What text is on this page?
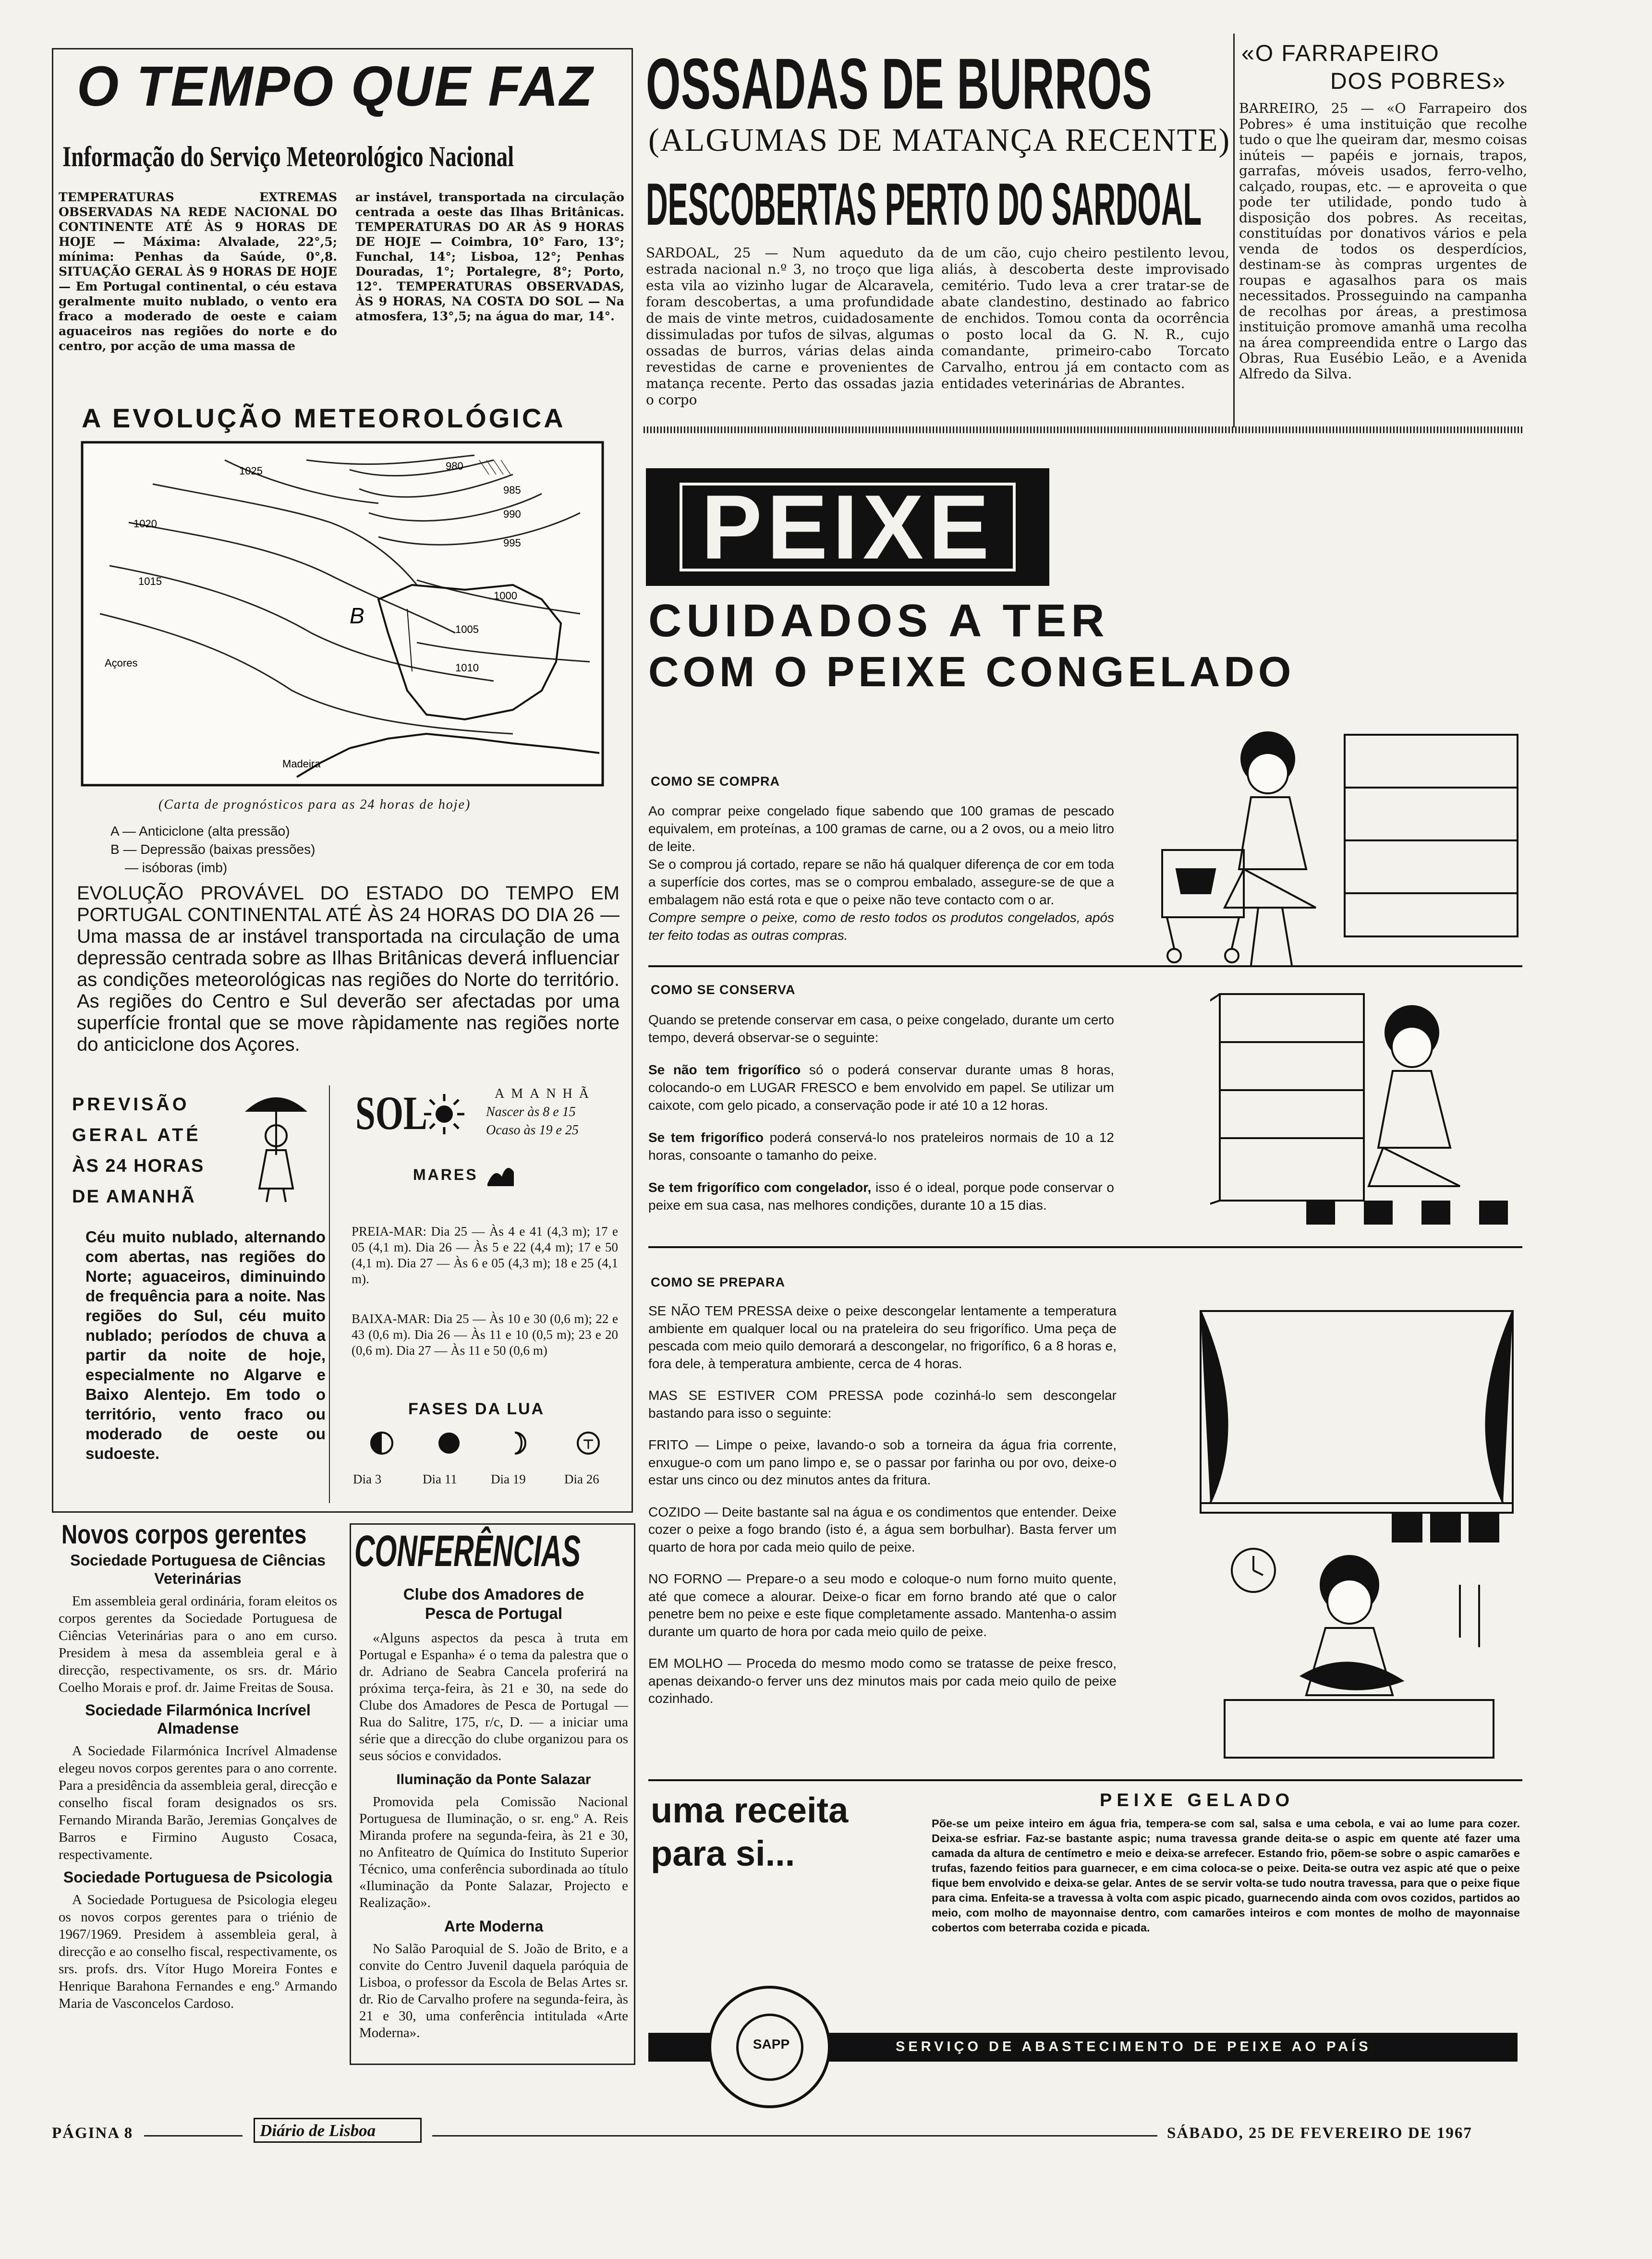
O TEMPO QUE FAZ
Informação do Serviço Meteorológico Nacional
TEMPERATURAS EXTREMAS OBSERVADAS NA REDE NACIONAL DO CONTINENTE ATÉ ÀS 9 HORAS DE HOJE — Máxima: Alvalade, 22°,5; mínima: Penhas da Saúde, 0°,8. SITUAÇÃO GERAL ÀS 9 HORAS DE HOJE — Em Portugal continental, o céu estava geralmente muito nublado, o vento era fraco a moderado de oeste e caiam aguaceiros nas regiões do norte e do centro, por acção de uma massa de
ar instável, transportada na circulação centrada a oeste das Ilhas Britânicas. TEMPERATURAS DO AR ÀS 9 HORAS DE HOJE — Coimbra, 10° Faro, 13°; Funchal, 14°; Lisboa, 12°; Penhas Douradas, 1°; Portalegre, 8°; Porto, 12°. TEMPERATURAS OBSERVADAS, ÀS 9 HORAS, NA COSTA DO SOL — Na atmosfera, 13°,5; na água do mar, 14°.
A EVOLUÇÃO METEOROLÓGICA
B
Açores
Madeira
980
985
990
995
1000
1005
1010
1015
1020
1025
(Carta de prognósticos para as 24 horas de hoje)
A — Anticiclone (alta pressão)
B — Depressão (baixas pressões)
— isóboras (imb)
EVOLUÇÃO PROVÁVEL DO ESTADO DO TEMPO EM PORTUGAL CONTINENTAL ATÉ ÀS 24 HORAS DO DIA 26 — Uma massa de ar instável transportada na circulação de uma depressão centrada sobre as Ilhas Britânicas deverá influenciar as condições meteorológicas nas regiões do Norte do território. As regiões do Centro e Sul deverão ser afectadas por uma superfície frontal que se move ràpidamente nas regiões norte do anticiclone dos Açores.
PREVISÃO
GERAL ATÉ
ÀS 24 HORAS
DE AMANHÃ
Céu muito nublado, alternando com abertas, nas regiões do Norte; aguaceiros, diminuindo de frequência para a noite. Nas regiões do Sul, céu muito nublado; períodos de chuva a partir da noite de hoje, especialmente no Algarve e Baixo Alentejo. Em todo o território, vento fraco ou moderado de oeste ou sudoeste.
SOL	AMANHÃ
Nascer às 8 e 15
Ocaso às 19 e 25
MARES
PREIA-MAR: Dia 25 — Às 4 e 41 (4,3 m); 17 e 05 (4,1 m). Dia 26 — Às 5 e 22 (4,4 m); 17 e 50 (4,1 m). Dia 27 — Às 6 e 05 (4,3 m); 18 e 25 (4,1 m).
BAIXA-MAR: Dia 25 — Às 10 e 30 (0,6 m); 22 e 43 (0,6 m). Dia 26 — Às 11 e 10 (0,5 m); 23 e 20 (0,6 m). Dia 27 — Às 11 e 50 (0,6 m)
FASES DA LUA
Dia 3	Dia 11	Dia 19	Dia 26
OSSADAS DE BURROS
(ALGUMAS DE MATANÇA RECENTE)
DESCOBERTAS PERTO DO SARDOAL
SARDOAL, 25 — Num aqueduto da estrada nacional n.º 3, no troço que liga esta vila ao vizinho lugar de Alcaravela, foram descobertas, a uma profundidade de mais de vinte metros, cuidadosamente dissimuladas por tufos de silvas, algumas ossadas de burros, várias delas ainda revestidas de carne e provenientes de matança recente. Perto das ossadas jazia o corpo
de um cão, cujo cheiro pestilento levou, aliás, à descoberta deste improvisado cemitério. Tudo leva a crer tratar-se de abate clandestino, destinado ao fabrico de enchidos. Tomou conta da ocorrência o posto local da G. N. R., cujo comandante, primeiro-cabo Torcato Carvalho, entrou já em contacto com as entidades veterinárias de Abrantes.
«O FARRAPEIRO
DOS POBRES»
BARREIRO, 25 — «O Farrapeiro dos Pobres» é uma instituição que recolhe tudo o que lhe queiram dar, mesmo coisas inúteis — papéis e jornais, trapos, garrafas, móveis usados, ferro-velho, calçado, roupas, etc. — e aproveita o que pode ter utilidade, pondo tudo à disposição dos pobres. As receitas, constituídas por donativos vários e pela venda de todos os desperdícios, destinam-se às compras urgentes de roupas e agasalhos para os mais necessitados. Prosseguindo na campanha de recolhas por áreas, a prestimosa instituição promove amanhã uma recolha na área compreendida entre o Largo das Obras, Rua Eusébio Leão, e a Avenida Alfredo da Silva.
PEIXE
CUIDADOS A TER
COM O PEIXE CONGELADO
COMO SE COMPRA

Ao comprar peixe congelado fique sabendo que 100 gramas de pescado equivalem, em proteínas, a 100 gramas de carne, ou a 2 ovos, ou a meio litro de leite.

Se o comprou já cortado, repare se não há qualquer diferença de cor em toda a superfície dos cortes, mas se o comprou embalado, assegure-se de que a embalagem não está rota e que o peixe não teve contacto com o ar.

Compre sempre o peixe, como de resto todos os produtos congelados, após ter feito todas as outras compras.

COMO SE CONSERVA

Quando se pretende conservar em casa, o peixe congelado, durante um certo tempo, deverá observar-se o seguinte:

Se não tem frigorífico só o poderá conservar durante umas 8 horas, colocando-o em LUGAR FRESCO e bem envolvido em papel. Se utilizar um caixote, com gelo picado, a conservação pode ir até 10 a 12 horas.

Se tem frigorífico poderá conservá-lo nos prateleiros normais de 10 a 12 horas, consoante o tamanho do peixe.

Se tem frigorífico com congelador, isso é o ideal, porque pode conservar o peixe em sua casa, nas melhores condições, durante 10 a 15 dias.

COMO SE PREPARA

SE NÃO TEM PRESSA deixe o peixe descongelar lentamente a temperatura ambiente em qualquer local ou na prateleira do seu frigorífico. Uma peça de pescada com meio quilo demorará a descongelar, no frigorífico, 6 a 8 horas e, fora dele, à temperatura ambiente, cerca de 4 horas.

MAS SE ESTIVER COM PRESSA pode cozinhá-lo sem descongelar bastando para isso o seguinte:

FRITO — Limpe o peixe, lavando-o sob a torneira da água fria corrente, enxugue-o com um pano limpo e, se o passar por farinha ou por ovo, deixe-o estar uns cinco ou dez minutos antes da fritura.

COZIDO — Deite bastante sal na água e os condimentos que entender. Deixe cozer o peixe a fogo brando (isto é, a água sem borbulhar). Basta ferver um quarto de hora por cada meio quilo de peixe.

NO FORNO — Prepare-o a seu modo e coloque-o num forno muito quente, até que comece a alourar. Deixe-o ficar em forno brando até que o calor penetre bem no peixe e este fique completamente assado. Mantenha-o assim durante um quarto de hora por cada meio quilo de peixe.

EM MOLHO — Proceda do mesmo modo como se tratasse de peixe fresco, apenas deixando-o ferver uns dez minutos mais por cada meio quilo de peixe cozinhado.

uma receita para si...
PEIXE GELADO
Põe-se um peixe inteiro em água fria, tempera-se com sal, salsa e uma cebola, e vai ao lume para cozer. Deixa-se esfriar. Faz-se bastante aspic; numa travessa grande deita-se o aspic em quente até fazer uma camada da altura de centímetro e meio e deixa-se arrefecer. Estando frio, põem-se sobre o aspic camarões e trufas, fazendo feitios para guarnecer, e em cima coloca-se o peixe. Deita-se outra vez aspic até que o peixe fique bem envolvido e deixa-se gelar. Antes de se servir volta-se tudo noutra travessa, para que o peixe fique para cima. Enfeita-se a travessa à volta com aspic picado, guarnecendo ainda com ovos cozidos, partidos ao meio, com molho de mayonnaise dentro, com camarões inteiros e com montes de molho de mayonnaise cobertos com beterraba cozida e picada.
SERVIÇO DE ABASTECIMENTO DE PEIXE AO PAÍS
SAPP
Novos corpos gerentes
Sociedade Portuguesa de Ciências Veterinárias

Em assembleia geral ordinária, foram eleitos os corpos gerentes da Sociedade Portuguesa de Ciências Veterinárias para o ano em curso. Presidem à mesa da assembleia geral e à direcção, respectivamente, os srs. dr. Mário Coelho Morais e prof. dr. Jaime Freitas de Sousa.

Sociedade Filarmónica Incrível Almadense

A Sociedade Filarmónica Incrível Almadense elegeu novos corpos gerentes para o ano corrente. Para a presidência da assembleia geral, direcção e conselho fiscal foram designados os srs. Fernando Miranda Barão, Jeremias Gonçalves de Barros e Firmino Augusto Cosaca, respectivamente.

Sociedade Portuguesa de Psicologia

A Sociedade Portuguesa de Psicologia elegeu os novos corpos gerentes para o triénio de 1967/1969. Presidem à assembleia geral, à direcção e ao conselho fiscal, respectivamente, os srs. profs. drs. Vítor Hugo Moreira Fontes e Henrique Barahona Fernandes e eng.º Armando Maria de Vasconcelos Cardoso.

CONFERÊNCIAS
Clube dos Amadores de Pesca de Portugal

«Alguns aspectos da pesca à truta em Portugal e Espanha» é o tema da palestra que o dr. Adriano de Seabra Cancela proferirá na próxima terça-feira, às 21 e 30, na sede do Clube dos Amadores de Pesca de Portugal — Rua do Salitre, 175, r/c, D. — a iniciar uma série que a direcção do clube organizou para os seus sócios e convidados.

Iluminação da Ponte Salazar

Promovida pela Comissão Nacional Portuguesa de Iluminação, o sr. eng.º A. Reis Miranda profere na segunda-feira, às 21 e 30, no Anfiteatro de Química do Instituto Superior Técnico, uma conferência subordinada ao título «Iluminação da Ponte Salazar, Projecto e Realização».

Arte Moderna

No Salão Paroquial de S. João de Brito, e a convite do Centro Juvenil daquela paróquia de Lisboa, o professor da Escola de Belas Artes sr. dr. Rio de Carvalho profere na segunda-feira, às 21 e 30, uma conferência intitulada «Arte Moderna».

PÁGINA 8	Diário de Lisboa	SÁBADO, 25 DE FEVEREIRO DE 1967
